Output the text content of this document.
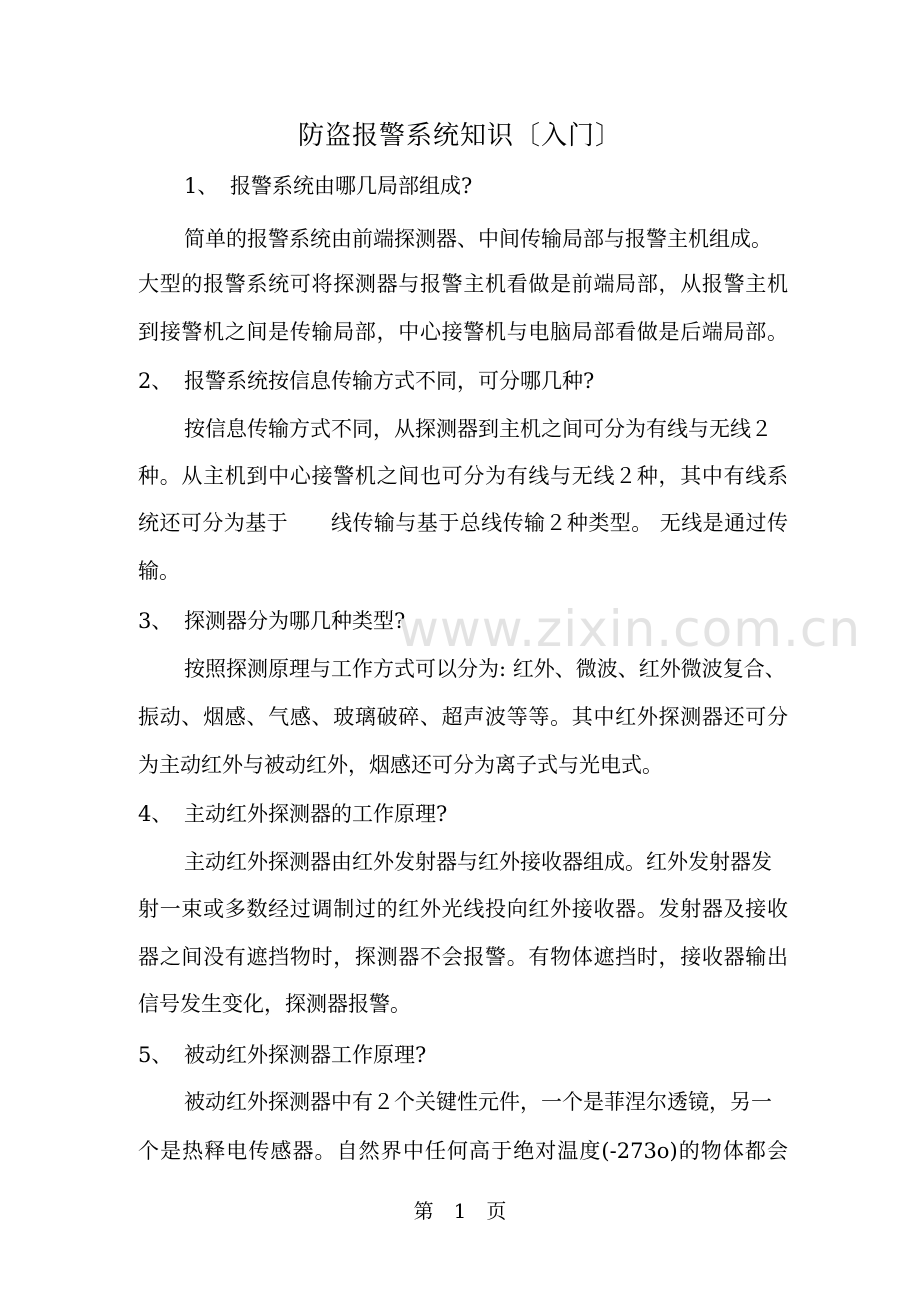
防盗报警系统知识〔入门〕
1、 报警系统由哪几局部组成?
简单的报警系统由前端探测器、中间传输局部与报警主机组成。
大型的报警系统可将探测器与报警主机看做是前端局部，从报警主机
到接警机之间是传输局部，中心接警机与电脑局部看做是后端局部。
2、 报警系统按信息传输方式不同，可分哪几种?
按信息传输方式不同，从探测器到主机之间可分为有线与无线２
种。从主机到中心接警机之间也可分为有线与无线２种，其中有线系
统还可分为基于　　线传输与基于总线传输２种类型。 无线是通过传
输。
3、 探测器分为哪几种类型?
按照探测原理与工作方式可以分为: 红外、微波、红外微波复合、
振动、烟感、气感、玻璃破碎、超声波等等。其中红外探测器还可分
为主动红外与被动红外，烟感还可分为离子式与光电式。
4、 主动红外探测器的工作原理?
主动红外探测器由红外发射器与红外接收器组成。红外发射器发
射一束或多数经过调制过的红外光线投向红外接收器。发射器及接收
器之间没有遮挡物时，探测器不会报警。有物体遮挡时，接收器输出
信号发生变化，探测器报警。
5、 被动红外探测器工作原理?
被动红外探测器中有２个关键性元件，一个是菲涅尔透镜，另一
个是热释电传感器。自然界中任何高于绝对温度(-273o)的物体都会
www.zixin.com.cn
第　1　页
